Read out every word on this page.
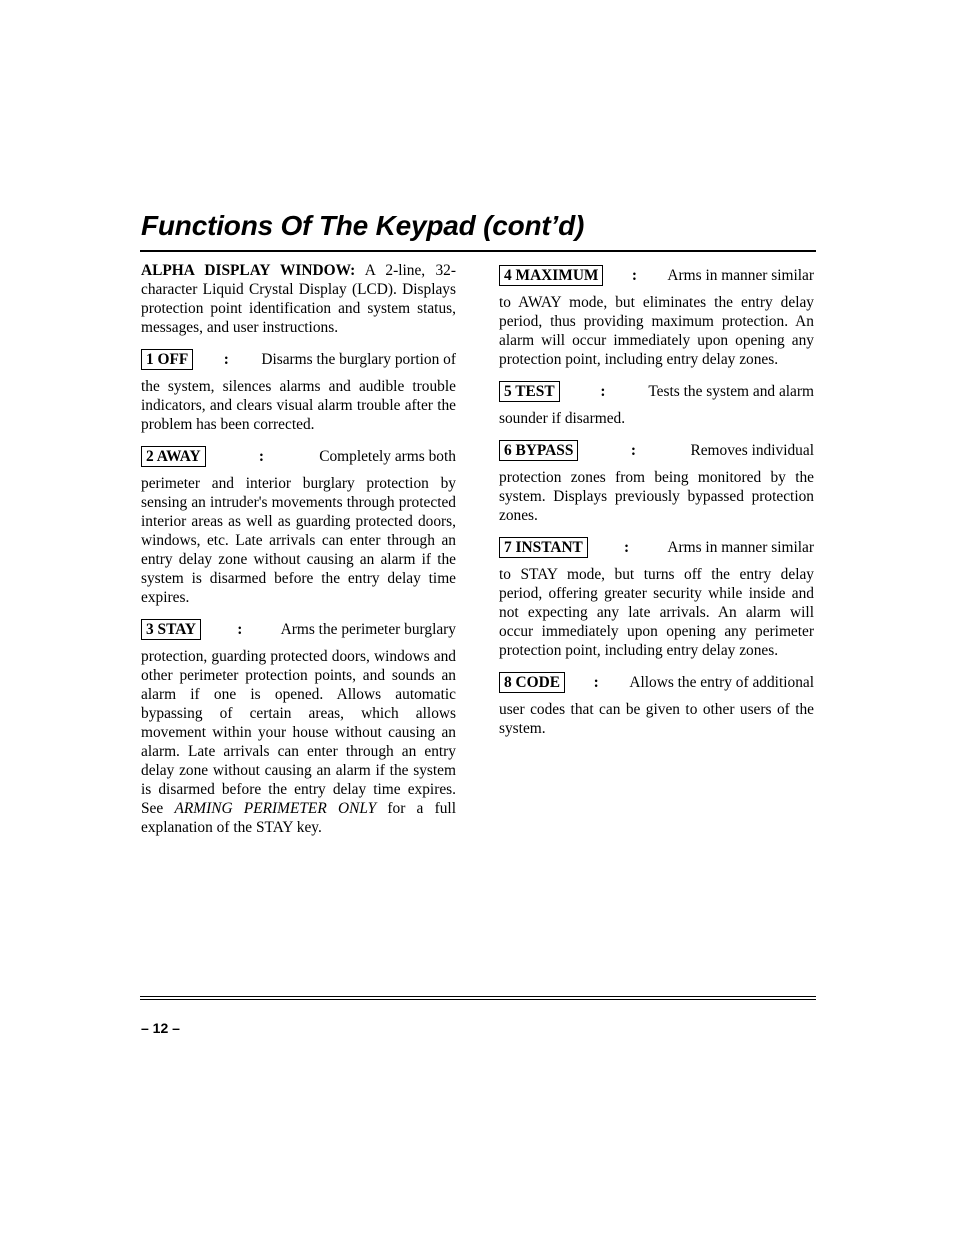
Functions Of The Keypad (cont’d)

ALPHA DISPLAY WINDOW: A 2-line, 32-character Liquid Crystal Display (LCD). Displays protection point identification and system status, messages, and user instructions.

1 OFF	: Disarms the burglary portion of

the system, silences alarms and audible trouble indicators, and clears visual alarm trouble after the problem has been corrected.

2 AWAY	:	Completely arms both

perimeter and interior burglary protection by sensing an intruder's movements through protected interior areas as well as guarding protected doors, windows, etc. Late arrivals can enter through an entry delay zone without causing an alarm if the system is disarmed before the entry delay time expires.

3 STAY	: Arms the perimeter burglary

protection, guarding protected doors, windows and other perimeter protection points, and sounds an alarm if one is opened. Allows automatic bypassing of certain areas, which allows movement within your house without causing an alarm. Late arrivals can enter through an entry delay zone without causing an alarm if the system is disarmed before the entry delay time expires. See ARMING PERIMETER ONLY for a full explanation of the STAY key.

4 MAXIMUM	: Arms in manner similar

to AWAY mode, but eliminates the entry delay period, thus providing maximum protection. An alarm will occur immediately upon opening any protection point, including entry delay zones.

5 TEST	:	Tests the system and alarm

sounder if disarmed.

6 BYPASS	:	Removes individual

protection zones from being monitored by the system. Displays previously bypassed protection zones.

7 INSTANT	: Arms in manner similar

to STAY mode, but turns off the entry delay period, offering greater security while inside and not expecting any late arrivals. An alarm will occur immediately upon opening any perimeter protection point, including entry delay zones.

8 CODE	: Allows the entry of additional

user codes that can be given to other users of the system.

– 12 –
